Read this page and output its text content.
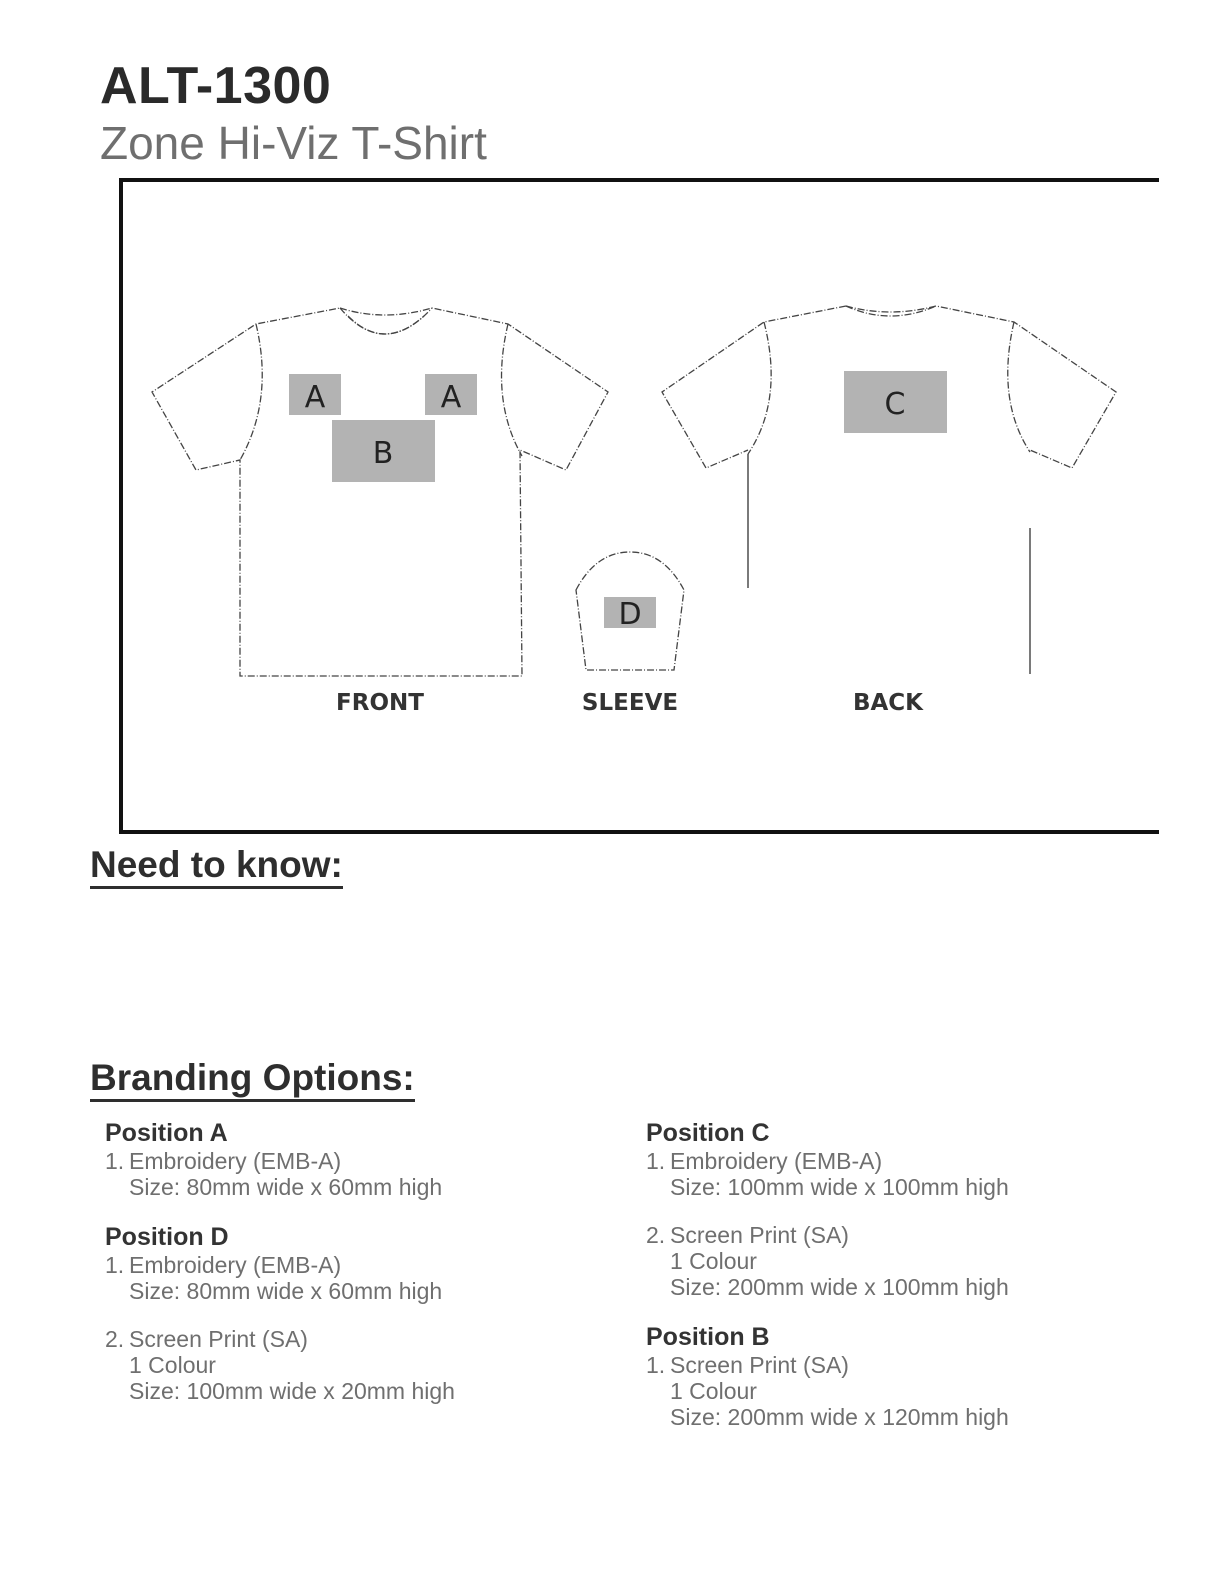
ALT-1300
Zone Hi-Viz T-Shirt
A	A
B
FRONT
D
SLEEVE
C
BACK
Need to know:
Branding Options:
Position A
1. Embroidery (EMB-A)
Size: 80mm wide x 60mm high
Position D
1. Embroidery (EMB-A)
Size: 80mm wide x 60mm high
2. Screen Print (SA)
1 Colour
Size: 100mm wide x 20mm high
Position C
1. Embroidery (EMB-A)
Size: 100mm wide x 100mm high
2. Screen Print (SA)
1 Colour
Size: 200mm wide x 100mm high
Position B
1. Screen Print (SA)
1 Colour
Size: 200mm wide x 120mm high
